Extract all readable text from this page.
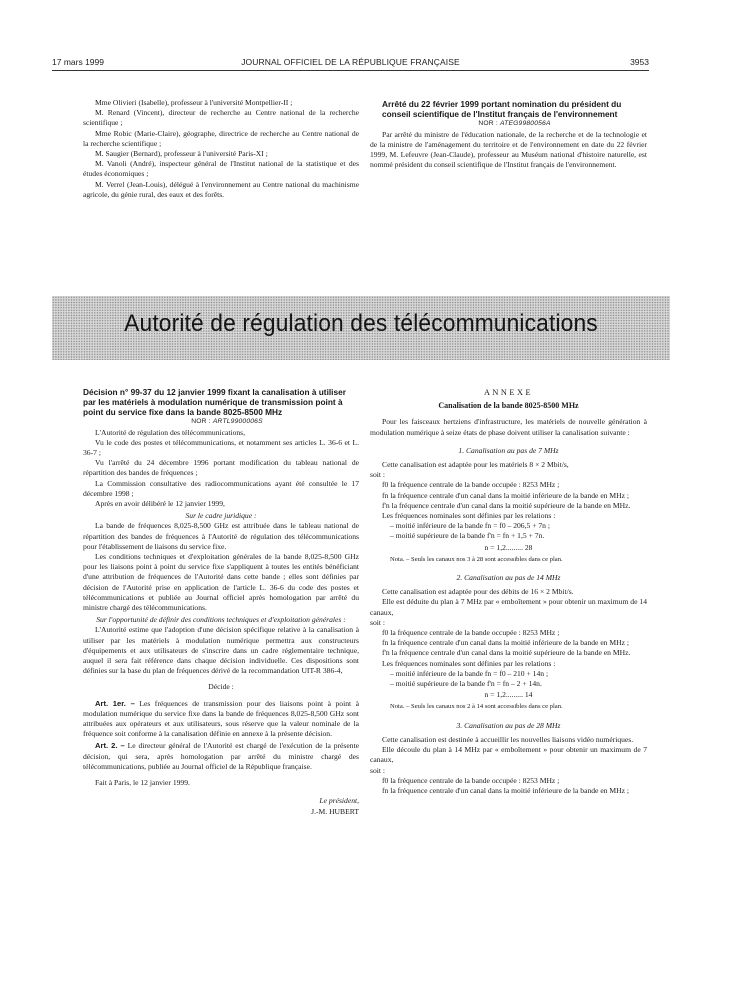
17 mars 1999	JOURNAL OFFICIEL DE LA RÉPUBLIQUE FRANÇAISE	3953

Mme Olivieri (Isabelle), professeur à l'université Montpellier-II ;

M. Renard (Vincent), directeur de recherche au Centre national de la recherche scientifique ;

Mme Robic (Marie-Claire), géographe, directrice de recherche au Centre national de la recherche scientifique ;

M. Saugier (Bernard), professeur à l'université Paris-XI ;

M. Vanoli (André), inspecteur général de l'Institut national de la statistique et des études économiques ;

M. Verrel (Jean-Louis), délégué à l'environnement au Centre national du machinisme agricole, du génie rural, des eaux et des forêts.

Arrêté du 22 février 1999 portant nomination du président du conseil scientifique de l'Institut français de l'environnement

NOR : ATEG9980056A

Par arrêté du ministre de l'éducation nationale, de la recherche et de la technologie et de la ministre de l'aménagement du territoire et de l'environnement en date du 22 février 1999, M. Lefeuvre (Jean-Claude), professeur au Muséum national d'histoire naturelle, est nommé président du conseil scientifique de l'Institut français de l'environnement.

Autorité de régulation des télécommunications
Décision n° 99-37 du 12 janvier 1999 fixant la canalisation à utiliser par les matériels à modulation numérique de transmission point à point du service fixe dans la bande 8025-8500 MHz

NOR : ARTL9900006S

L'Autorité de régulation des télécommunications,

Vu le code des postes et télécommunications, et notamment ses articles L. 36-6 et L. 36-7 ;

Vu l'arrêté du 24 décembre 1996 portant modification du tableau national de répartition des bandes de fréquences ;

La Commission consultative des radiocommunications ayant été consultée le 17 décembre 1998 ;

Après en avoir délibéré le 12 janvier 1999,

Sur le cadre juridique :

La bande de fréquences 8,025-8,500 GHz est attribuée dans le tableau national de répartition des bandes de fréquences à l'Autorité de régulation des télécommunications pour l'établissement de liaisons du service fixe.

Les conditions techniques et d'exploitation générales de la bande 8,025-8,500 GHz pour les liaisons point à point du service fixe s'appliquent à toutes les entités bénéficiant d'une attribution de fréquences de l'Autorité dans cette bande ; elles sont définies par décision de l'Autorité prise en application de l'article L. 36-6 du code des postes et télécommunications et publiée au Journal officiel après homologation par arrêté du ministre chargé des télécommunications.

Sur l'opportunité de définir des conditions techniques et d'exploitation générales :

L'Autorité estime que l'adoption d'une décision spécifique relative à la canalisation à utiliser par les matériels à modulation numérique permettra aux constructeurs d'équipements et aux utilisateurs de s'inscrire dans un cadre réglementaire technique, auquel il sera fait référence dans chaque décision individuelle. Ces dispositions sont définies sur la base du plan de fréquences dérivé de la recommandation UIT-R 386-4,

Décide :

Art. 1er. – Les fréquences de transmission pour des liaisons point à point à modulation numérique du service fixe dans la bande de fréquences 8,025-8,500 GHz sont attribuées aux opérateurs et aux utilisateurs, sous réserve que la valeur nominale de la fréquence soit conforme à la canalisation définie en annexe à la présente décision.

Art. 2. – Le directeur général de l'Autorité est chargé de l'exécution de la présente décision, qui sera, après homologation par arrêté du ministre chargé des télécommunications, publiée au Journal officiel de la République française.

Fait à Paris, le 12 janvier 1999.

Le président,

J.-M. HUBERT

ANNEXE

Canalisation de la bande 8025-8500 MHz

Pour les faisceaux hertziens d'infrastructure, les matériels de nouvelle génération à modulation numérique à seize états de phase doivent utiliser la canalisation suivante :

1. Canalisation au pas de 7 MHz

Cette canalisation est adaptée pour les matériels 8 × 2 Mbit/s,

soit :

f0 la fréquence centrale de la bande occupée : 8253 MHz ;

fn la fréquence centrale d'un canal dans la moitié inférieure de la bande en MHz ;

f'n la fréquence centrale d'un canal dans la moitié supérieure de la bande en MHz.

Les fréquences nominales sont définies par les relations :

– moitié inférieure de la bande fn = f0 – 206,5 + 7n ;

– moitié supérieure de la bande f'n = fn + 1,5 + 7n.

n = 1,2......... 28

Nota. – Seuls les canaux nos 3 à 28 sont accessibles dans ce plan.

2. Canalisation au pas de 14 MHz

Cette canalisation est adaptée pour des débits de 16 × 2 Mbit/s.

Elle est déduite du plan à 7 MHz par « emboîtement » pour obtenir un maximum de 14 canaux,

soit :

f0 la fréquence centrale de la bande occupée : 8253 MHz ;

fn la fréquence centrale d'un canal dans la moitié inférieure de la bande en MHz ;

f'n la fréquence centrale d'un canal dans la moitié supérieure de la bande en MHz.

Les fréquences nominales sont définies par les relations :

– moitié inférieure de la bande fn = f0 – 210 + 14n ;

– moitié supérieure de la bande f'n = fn – 2 + 14n.

n = 1,2......... 14

Nota. – Seuls les canaux nos 2 à 14 sont accessibles dans ce plan.

3. Canalisation au pas de 28 MHz

Cette canalisation est destinée à accueillir les nouvelles liaisons vidéo numériques.

Elle découle du plan à 14 MHz par « emboîtement » pour obtenir un maximum de 7 canaux,

soit :

f0 la fréquence centrale de la bande occupée : 8253 MHz ;

fn la fréquence centrale d'un canal dans la moitié inférieure de la bande en MHz ;
